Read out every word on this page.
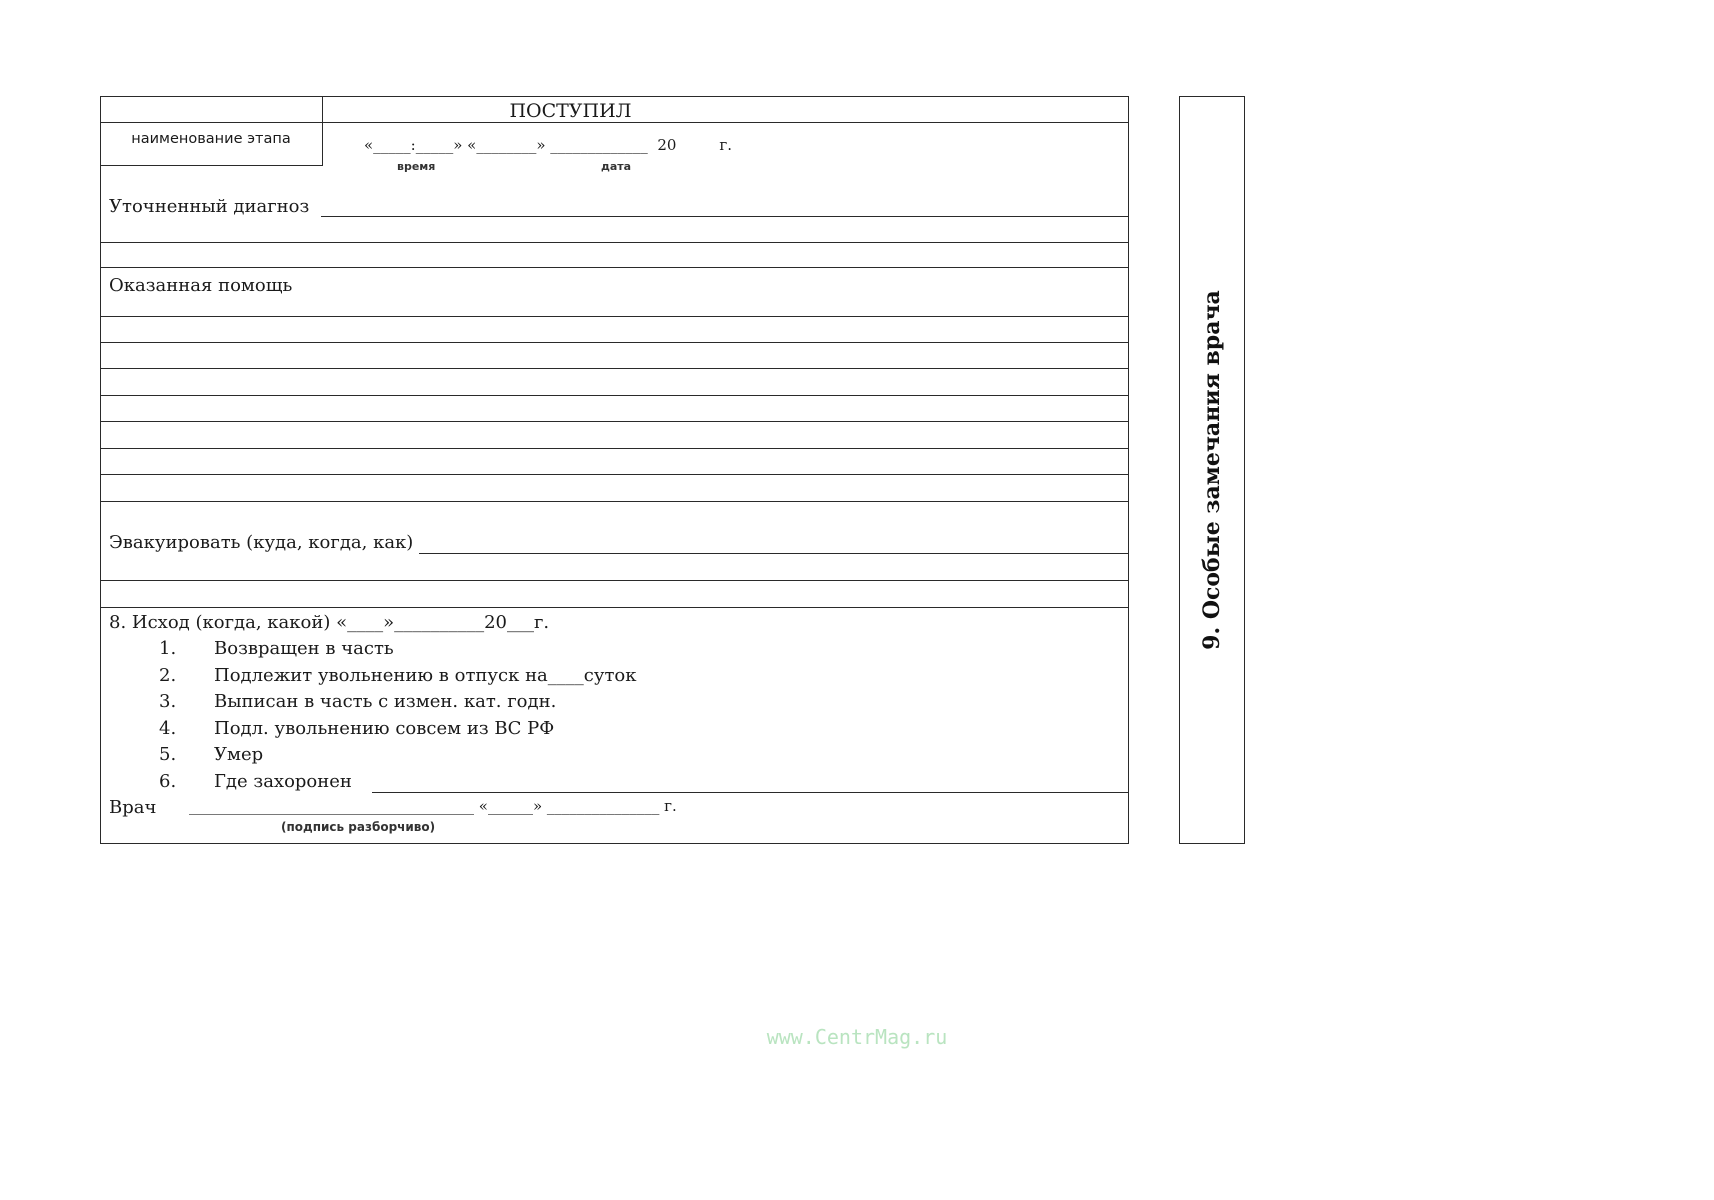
ПОСТУПИЛ
наименование этапа	«_____:_____» «________» _____________  20         г.
время	дата
Уточненный диагноз
Оказанная помощь
Эвакуировать (куда, когда, как)
8. Исход (когда, какой) «____»__________20___г.
1. Возвращен в часть
2. Подлежит увольнению в отпуск на____суток
3. Выписан в часть с измен. кат. годн.
4. Подл. увольнению совсем из ВС РФ
5. Умер
6. Где захоронен
Врач ______________________________________ «______» _______________ г.
(подпись разборчиво)
9. Особые замечания врача
www.CentrMag.ru
